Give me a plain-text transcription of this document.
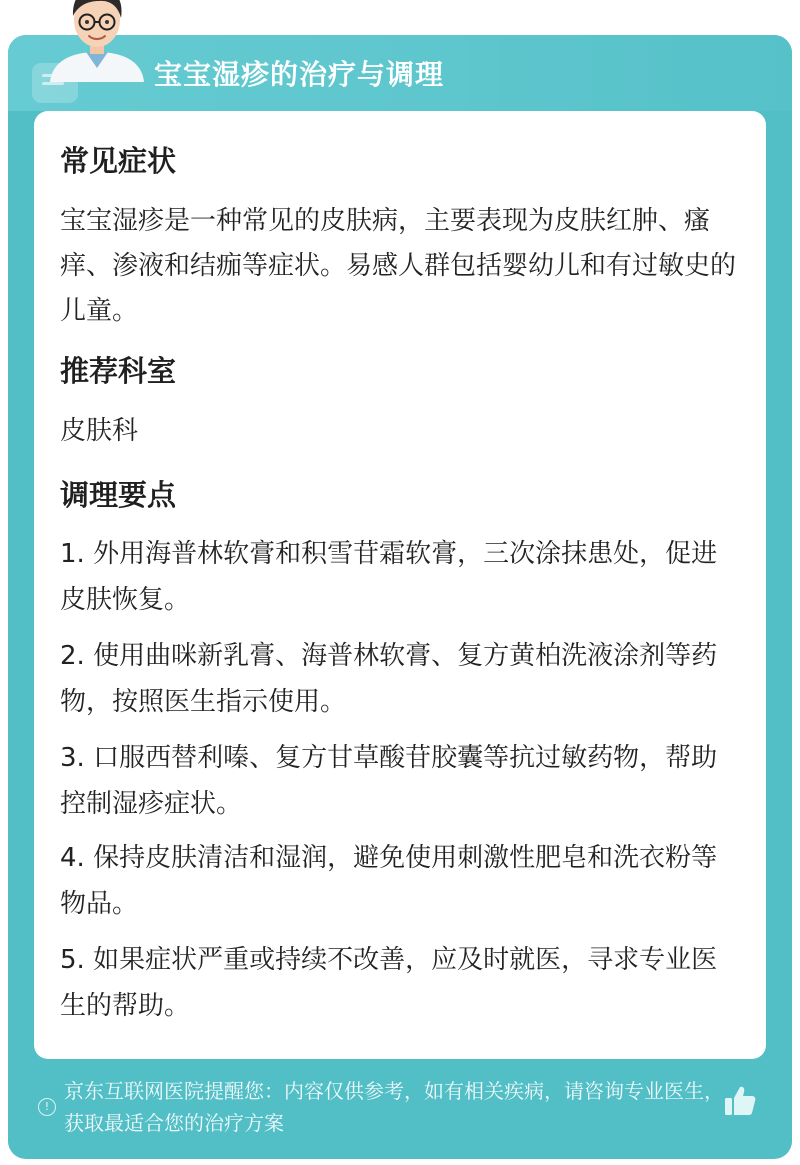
宝宝湿疹的治疗与调理
常见症状
宝宝湿疹是一种常见的皮肤病，主要表现为皮肤红肿、瘙痒、渗液和结痂等症状。易感人群包括婴幼儿和有过敏史的儿童。
推荐科室
皮肤科
调理要点
1. 外用海普林软膏和积雪苷霜软膏，三次涂抹患处，促进皮肤恢复。
2. 使用曲咪新乳膏、海普林软膏、复方黄柏洗液涂剂等药物，按照医生指示使用。
3. 口服西替利嗪、复方甘草酸苷胶囊等抗过敏药物，帮助控制湿疹症状。
4. 保持皮肤清洁和湿润，避免使用刺激性肥皂和洗衣粉等物品。
5. 如果症状严重或持续不改善，应及时就医，寻求专业医生的帮助。
!
京东互联网医院提醒您：内容仅供参考，如有相关疾病，请咨询专业医生，获取最适合您的治疗方案
